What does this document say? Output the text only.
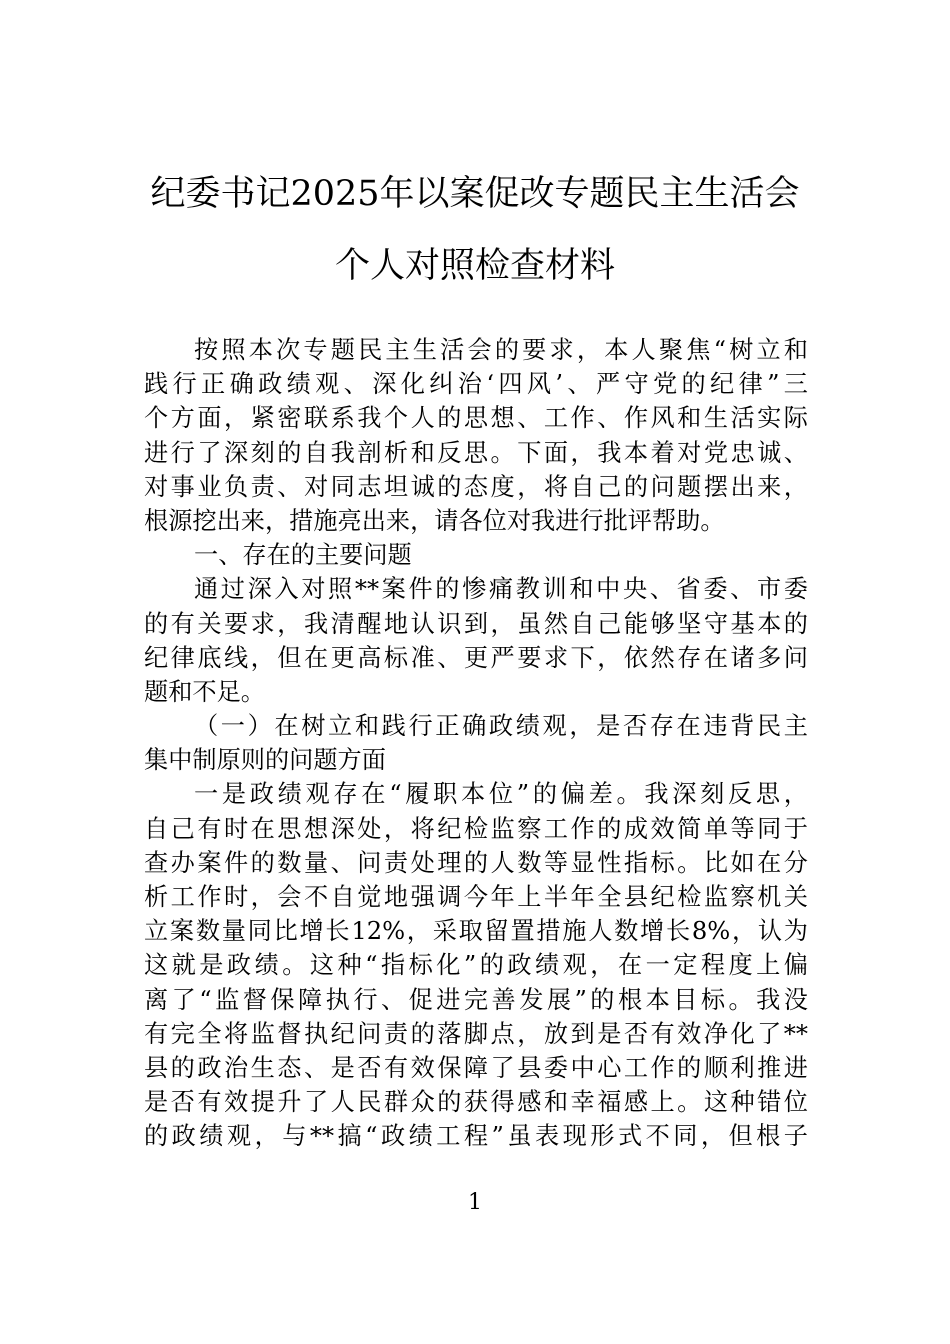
纪委书记2025年以案促改专题民主生活会
个人对照检查材料
按照本次专题民主生活会的要求，本人聚焦“树立和
践行正确政绩观、深化纠治‘四风’、严守党的纪律”三
个方面，紧密联系我个人的思想、工作、作风和生活实际
进行了深刻的自我剖析和反思。下面，我本着对党忠诚、
对事业负责、对同志坦诚的态度，将自己的问题摆出来，
根源挖出来，措施亮出来，请各位对我进行批评帮助。
一、存在的主要问题
通过深入对照**案件的惨痛教训和中央、省委、市委
的有关要求，我清醒地认识到，虽然自己能够坚守基本的
纪律底线，但在更高标准、更严要求下，依然存在诸多问
题和不足。
（一）在树立和践行正确政绩观，是否存在违背民主
集中制原则的问题方面
一是政绩观存在“履职本位”的偏差。我深刻反思，
自己有时在思想深处，将纪检监察工作的成效简单等同于
查办案件的数量、问责处理的人数等显性指标。比如在分
析工作时，会不自觉地强调今年上半年全县纪检监察机关
立案数量同比增长12%，采取留置措施人数增长8%，认为
这就是政绩。这种“指标化”的政绩观，在一定程度上偏
离了“监督保障执行、促进完善发展”的根本目标。我没
有完全将监督执纪问责的落脚点，放到是否有效净化了**
县的政治生态、是否有效保障了县委中心工作的顺利推进
是否有效提升了人民群众的获得感和幸福感上。这种错位
的政绩观，与**搞“政绩工程”虽表现形式不同，但根子
1
